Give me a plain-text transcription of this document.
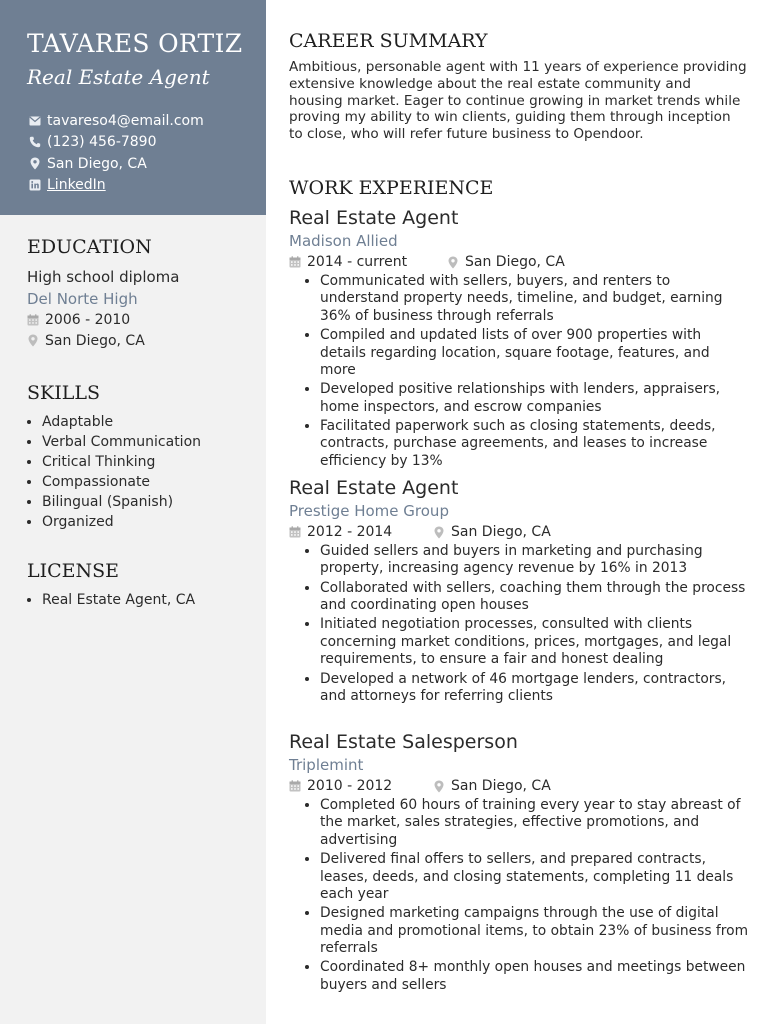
TAVARES ORTIZ
Real Estate Agent
tavareso4@email.com
(123) 456-7890
San Diego, CA
LinkedIn
EDUCATION
High school diploma
Del Norte High
2006 - 2010
San Diego, CA
SKILLS
• Adaptable
• Verbal Communication
• Critical Thinking
• Compassionate
• Bilingual (Spanish)
• Organized
LICENSE
• Real Estate Agent, CA
CAREER SUMMARY
Ambitious, personable agent with 11 years of experience providing extensive knowledge about the real estate community and housing market. Eager to continue growing in market trends while proving my ability to win clients, guiding them through inception to close, who will refer future business to Opendoor.
WORK EXPERIENCE
Real Estate Agent
Madison Allied
2014 - current	San Diego, CA
• Communicated with sellers, buyers, and renters to understand property needs, timeline, and budget, earning 36% of business through referrals
• Compiled and updated lists of over 900 properties with details regarding location, square footage, features, and more
• Developed positive relationships with lenders, appraisers, home inspectors, and escrow companies
• Facilitated paperwork such as closing statements, deeds, contracts, purchase agreements, and leases to increase efficiency by 13%
Real Estate Agent
Prestige Home Group
2012 - 2014	San Diego, CA
• Guided sellers and buyers in marketing and purchasing property, increasing agency revenue by 16% in 2013
• Collaborated with sellers, coaching them through the process and coordinating open houses
• Initiated negotiation processes, consulted with clients concerning market conditions, prices, mortgages, and legal requirements, to ensure a fair and honest dealing
• Developed a network of 46 mortgage lenders, contractors, and attorneys for referring clients
Real Estate Salesperson
Triplemint
2010 - 2012	San Diego, CA
• Completed 60 hours of training every year to stay abreast of the market, sales strategies, effective promotions, and advertising
• Delivered final offers to sellers, and prepared contracts, leases, deeds, and closing statements, completing 11 deals each year
• Designed marketing campaigns through the use of digital media and promotional items, to obtain 23% of business from referrals
• Coordinated 8+ monthly open houses and meetings between buyers and sellers
